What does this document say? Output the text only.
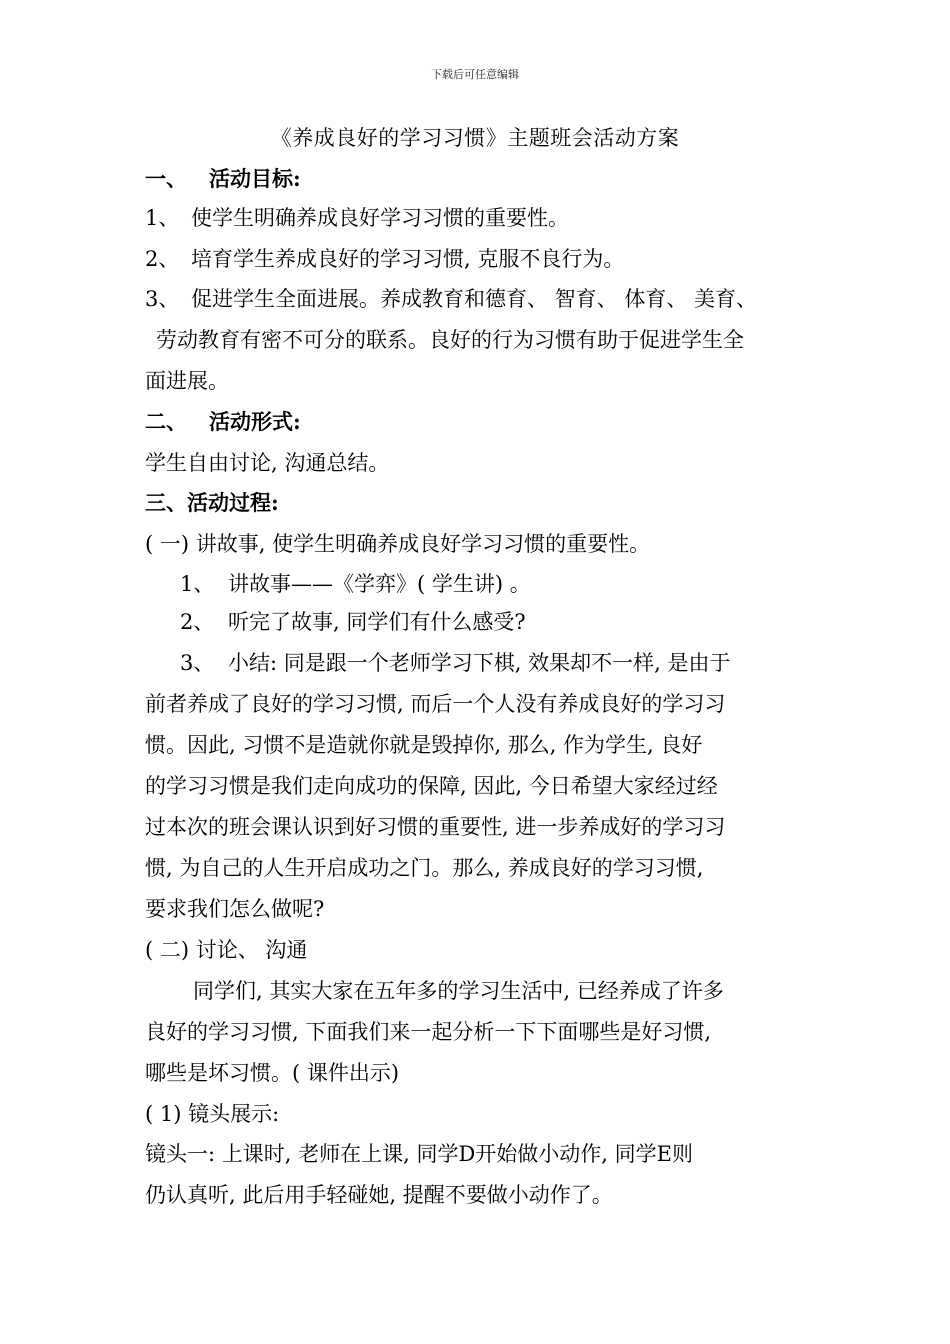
下载后可任意编辑
《养成良好的学习习惯》主题班会活动方案
一、 活动目标:
1、 使学生明确养成良好学习习惯的重要性。
2、 培育学生养成良好的学习习惯, 克服不良行为。
3、 促进学生全面进展。养成教育和德育、 智育、 体育、 美育、
劳动教育有密不可分的联系。良好的行为习惯有助于促进学生全
面进展。
二、 活动形式:
学生自由讨论, 沟通总结。
三、活动过程:
( 一) 讲故事, 使学生明确养成良好学习习惯的重要性。
1、 讲故事——《学弈》( 学生讲) 。
2、 听完了故事, 同学们有什么感受?
3、 小结: 同是跟一个老师学习下棋, 效果却不一样, 是由于
前者养成了良好的学习习惯, 而后一个人没有养成良好的学习习
惯。因此, 习惯不是造就你就是毁掉你, 那么, 作为学生, 良好
的学习习惯是我们走向成功的保障, 因此, 今日希望大家经过经
过本次的班会课认识到好习惯的重要性, 进一步养成好的学习习
惯, 为自己的人生开启成功之门。那么, 养成良好的学习习惯,
要求我们怎么做呢?
( 二) 讨论、 沟通
同学们, 其实大家在五年多的学习生活中, 已经养成了许多
良好的学习习惯, 下面我们来一起分析一下下面哪些是好习惯,
哪些是坏习惯。( 课件出示)
( 1) 镜头展示:
镜头一: 上课时, 老师在上课, 同学D开始做小动作, 同学E则
仍认真听, 此后用手轻碰她, 提醒不要做小动作了。
